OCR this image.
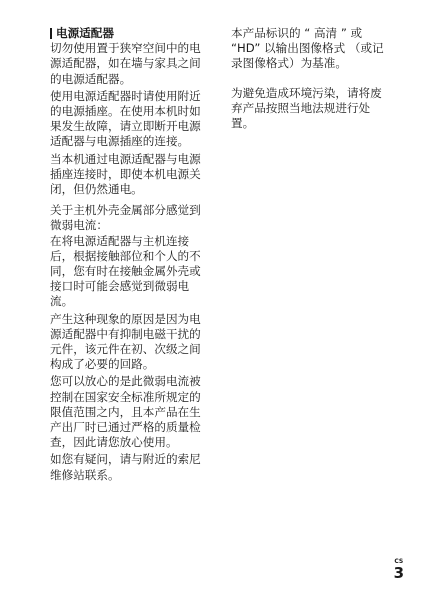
电源适配器

切勿使用置于狭窄空间中的电源适配器，如在墙与家具之间的电源适配器。

使用电源适配器时请使用附近的电源插座。在使用本机时如果发生故障，请立即断开电源适配器与电源插座的连接。

当本机通过电源适配器与电源插座连接时，即使本机电源关闭，但仍然通电。

关于主机外壳金属部分感觉到微弱电流：

在将电源适配器与主机连接后，根据接触部位和个人的不同，您有时在接触金属外壳或接口时可能会感觉到微弱电流。

产生这种现象的原因是因为电源适配器中有抑制电磁干扰的元件，该元件在初、次级之间构成了必要的回路。

您可以放心的是此微弱电流被控制在国家安全标准所规定的限值范围之内，且本产品在生产出厂时已通过严格的质量检查，因此请您放心使用。

如您有疑问，请与附近的索尼维修站联系。

本产品标识的 “ 高清 ” 或 “HD” 以输出图像格式 （或记录图像格式）为基准。

为避免造成环境污染，请将废弃产品按照当地法规进行处置。

CS
3
